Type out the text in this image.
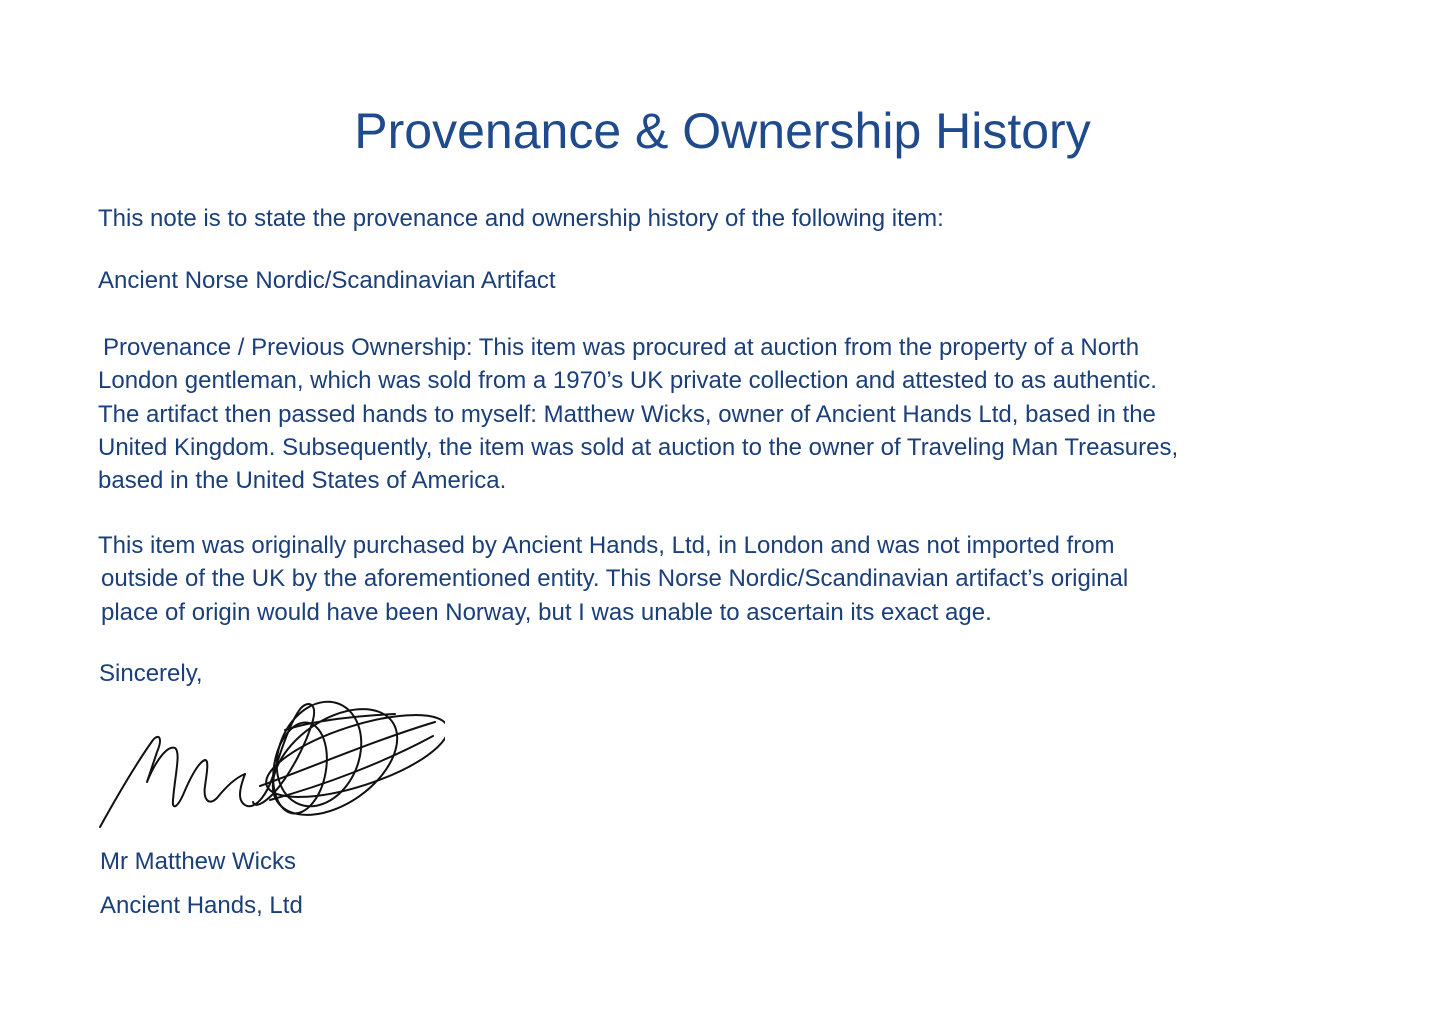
Provenance & Ownership History

This note is to state the provenance and ownership history of the following item:

Ancient Norse Nordic/Scandinavian Artifact

Provenance / Previous Ownership: This item was procured at auction from the property of a North
London gentleman, which was sold from a 1970’s UK private collection and attested to as authentic.
The artifact then passed hands to myself: Matthew Wicks, owner of Ancient Hands Ltd, based in the
United Kingdom. Subsequently, the item was sold at auction to the owner of Traveling Man Treasures,
based in the United States of America.
This item was originally purchased by Ancient Hands, Ltd, in London and was not imported from
outside of the UK by the aforementioned entity. This Norse Nordic/Scandinavian artifact’s original
place of origin would have been Norway, but I was unable to ascertain its exact age.

Sincerely,

Mr Matthew Wicks

Ancient Hands, Ltd
